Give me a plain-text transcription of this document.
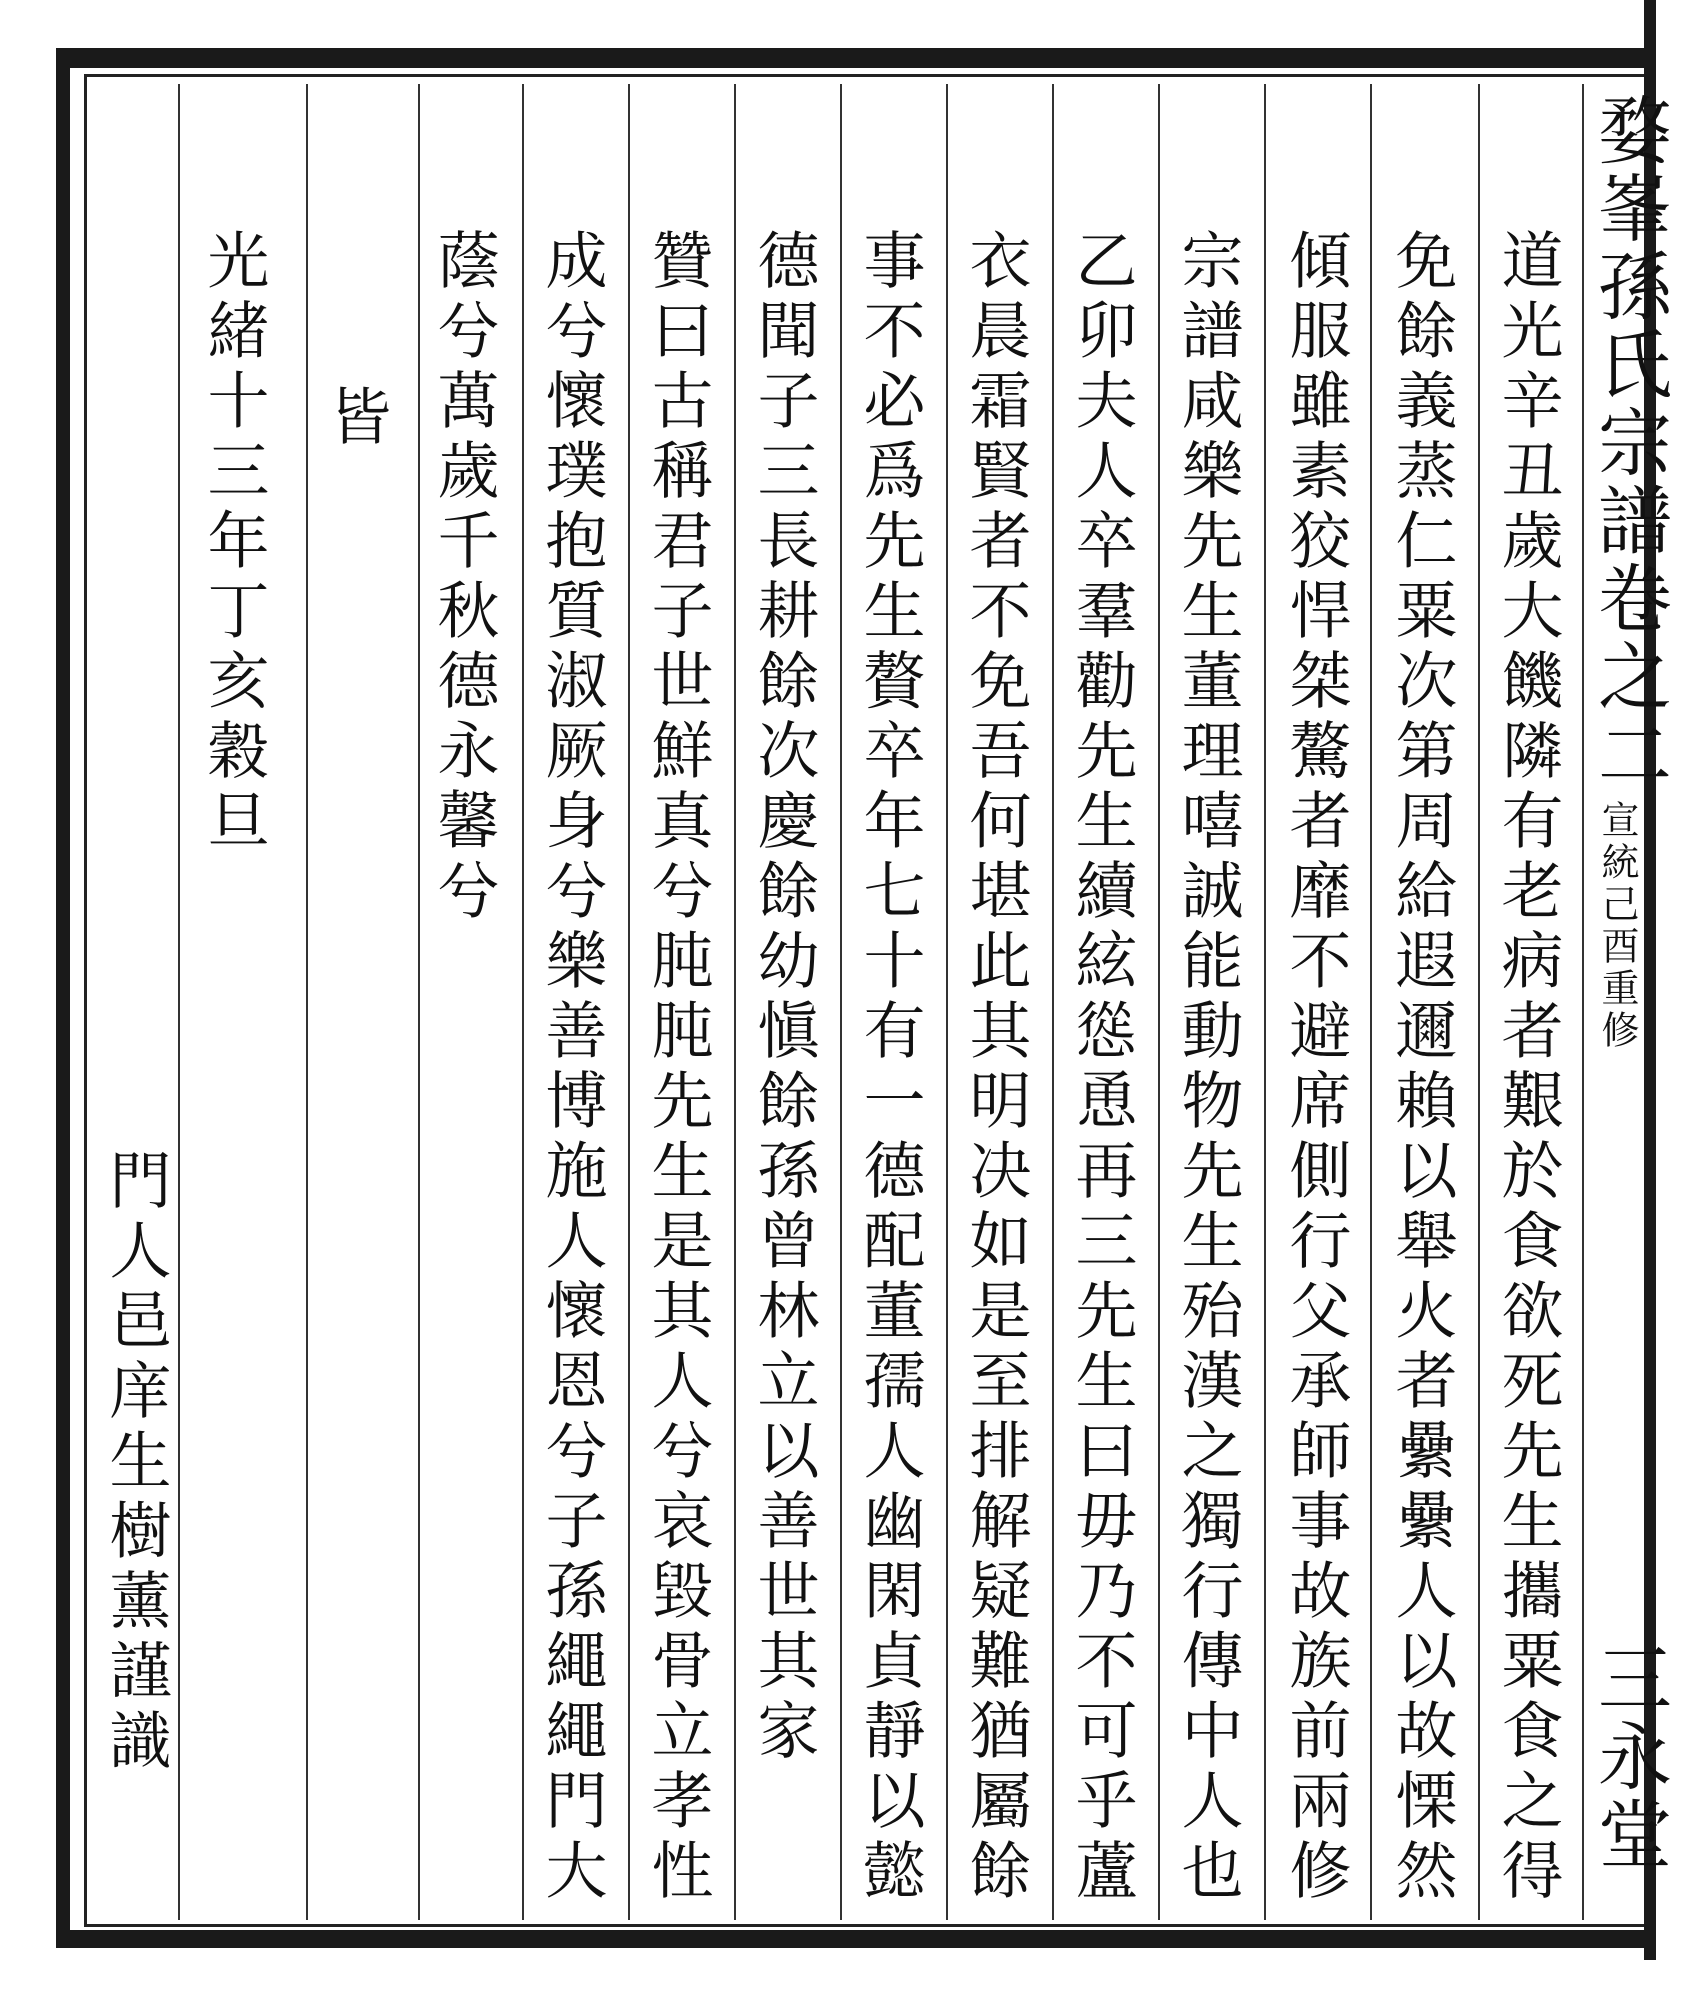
婺峯孫氏宗譜
卷之二
宣統己酉重修
三永堂
道光辛丑歲大饑隣有老病者艱於食欲死先生攜粟食之得
免餘義蒸仁粟次第周給遐邇賴以舉火者纍纍人以故慄然
傾服雖素狡悍桀驁者靡不避席側行父承師事故族前兩修
宗譜咸樂先生董理嘻誠能動物先生殆漢之獨行傳中人也
乙卯夫人卒羣勸先生續絃慫恿再三先生曰毋乃不可乎蘆
衣晨霜賢者不免吾何堪此其明决如是至排解疑難猶屬餘
事不必爲先生贅卒年七十有一德配董孺人幽閑貞靜以懿
德聞子三長耕餘次慶餘幼愼餘孫曾林立以善世其家
贊曰古稱君子世鮮真兮肫肫先生是其人兮哀毀骨立孝性
成兮懷璞抱質淑厥身兮樂善博施人懷恩兮子孫繩繩門大
蔭兮萬歲千秋德永馨兮
皆
光緒十三年丁亥穀旦
門人邑庠生樹薰謹識
